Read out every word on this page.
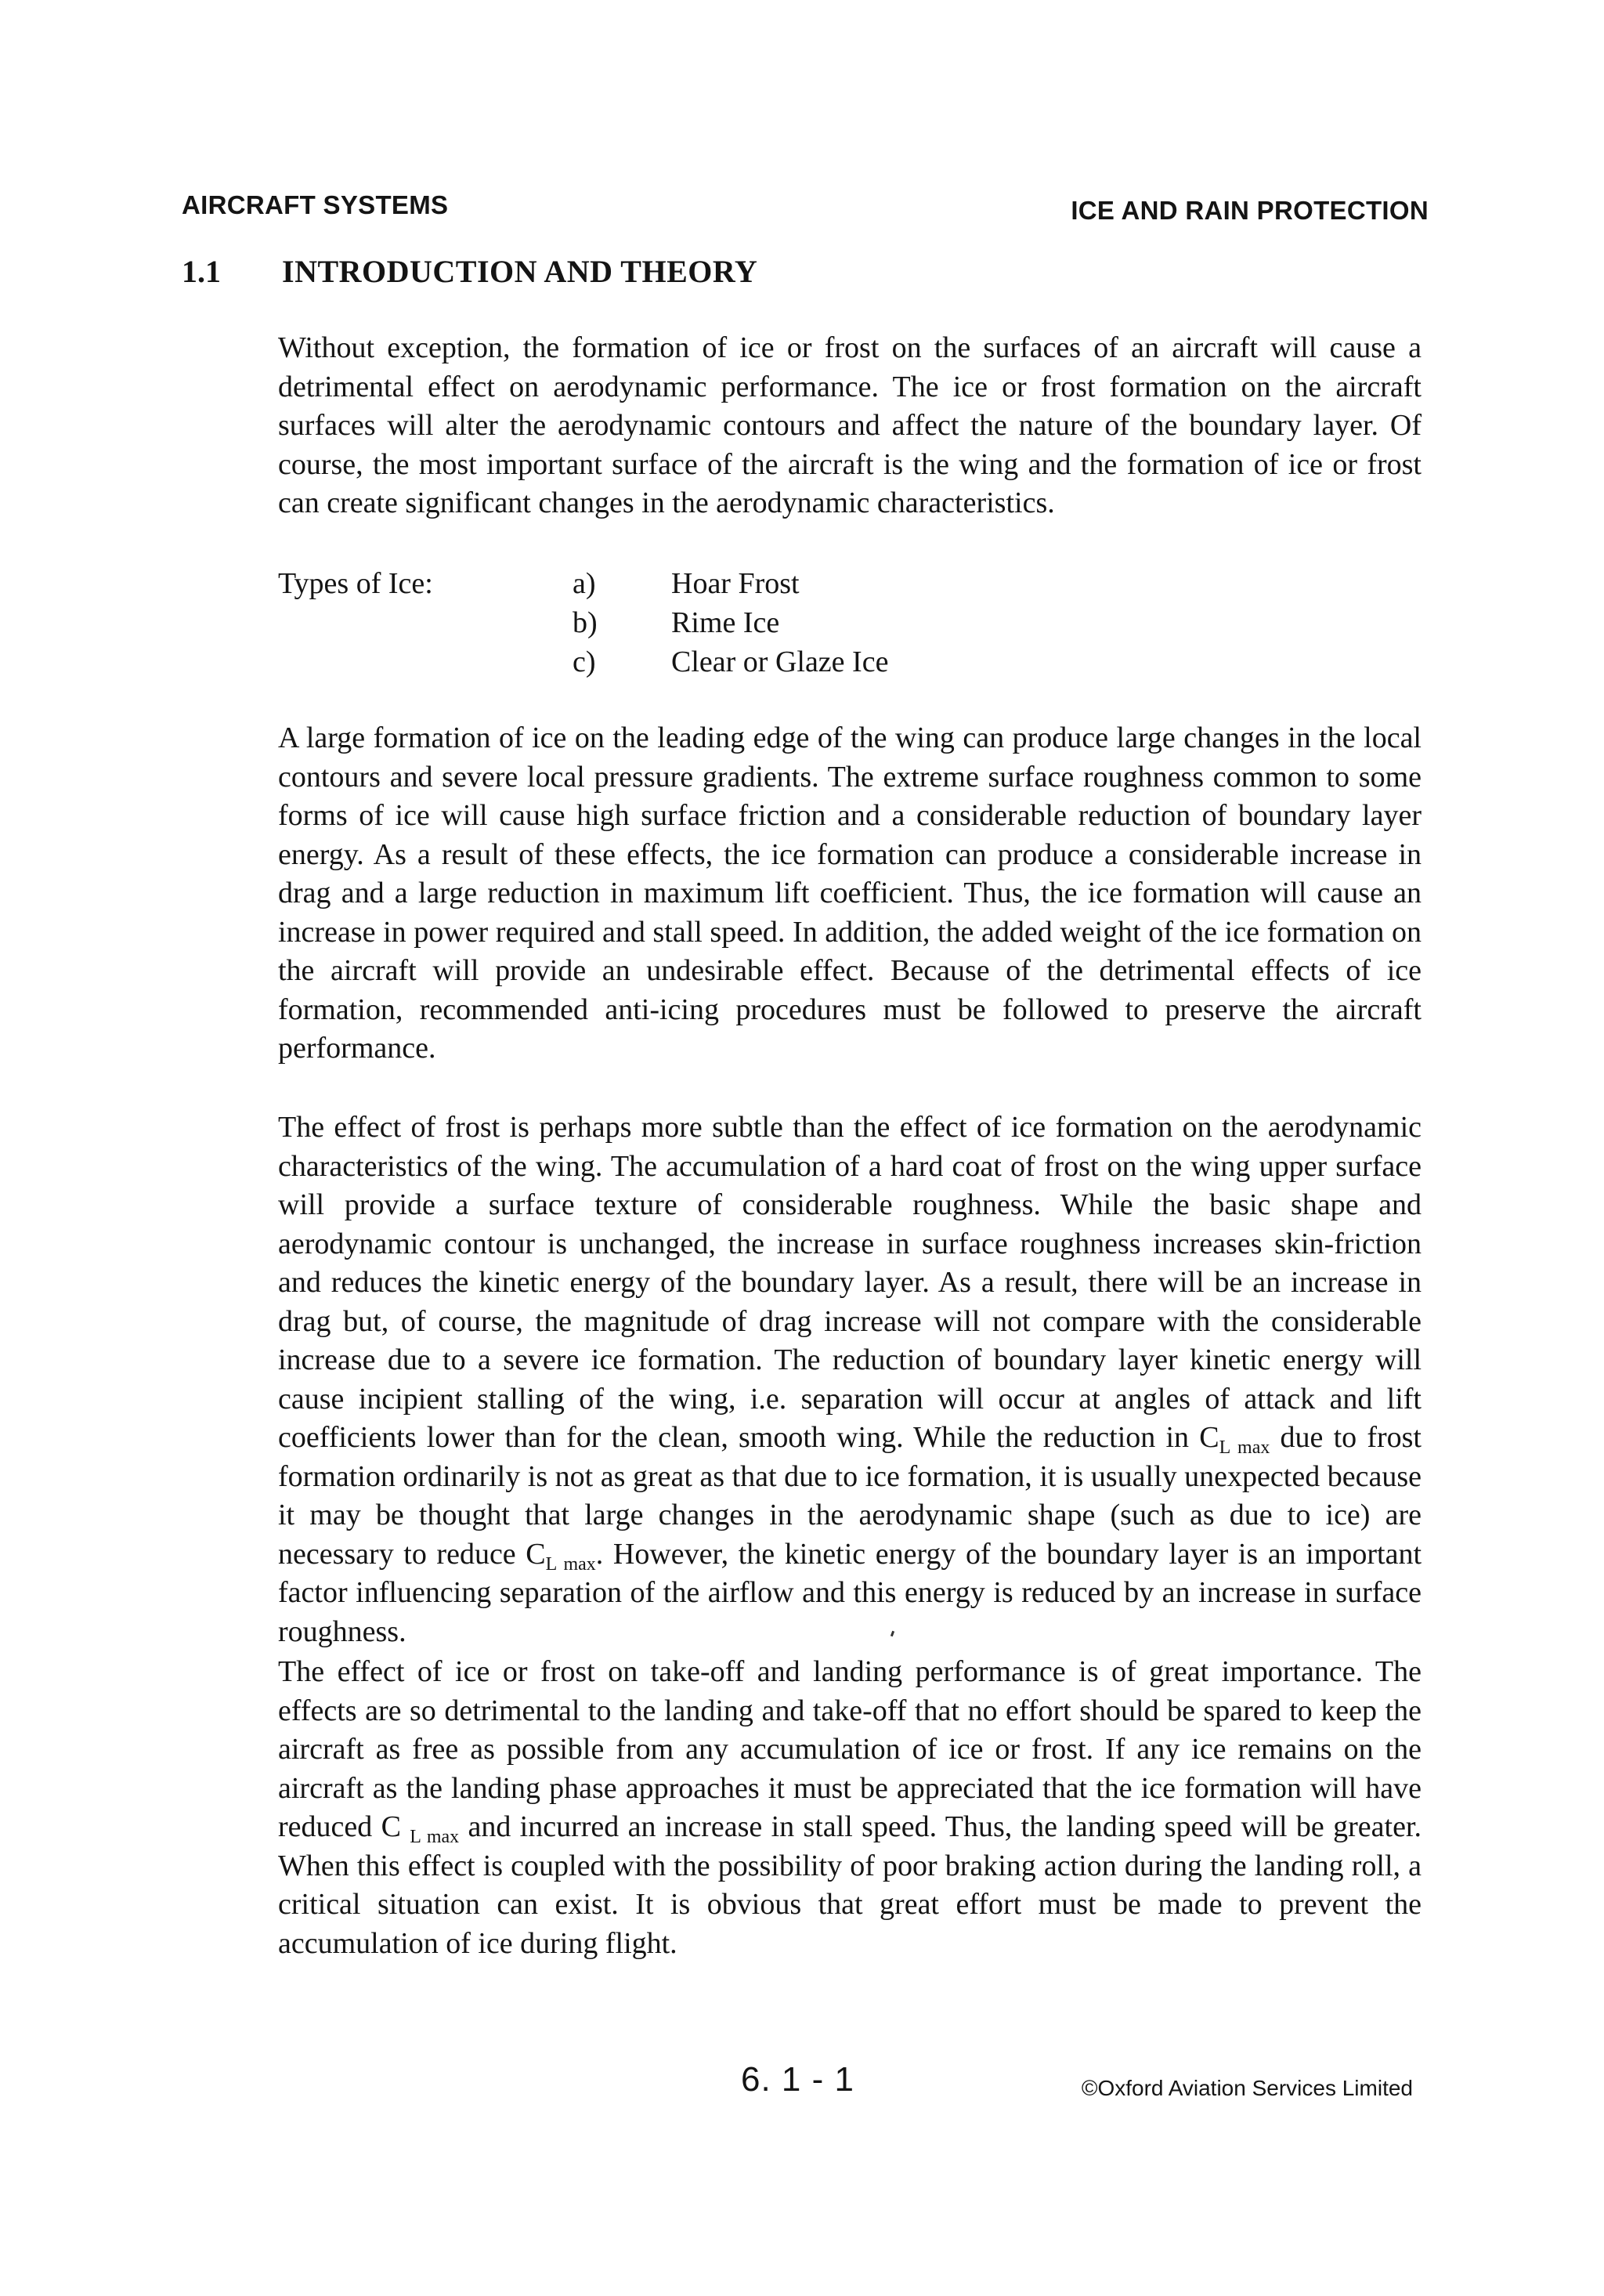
AIRCRAFT SYSTEMS	ICE AND RAIN PROTECTION
1.1 INTRODUCTION AND THEORY

Without exception, the formation of ice or frost on the surfaces of an aircraft will cause a detrimental effect on aerodynamic performance. The ice or frost formation on the aircraft surfaces will alter the aerodynamic contours and affect the nature of the boundary layer. Of course, the most important surface of the aircraft is the wing and the formation of ice or frost can create significant changes in the aerodynamic characteristics.

Types of Ice:	a)	Hoar Frost
b) Rime Ice
c)	Clear or Glaze Ice

A large formation of ice on the leading edge of the wing can produce large changes in the local contours and severe local pressure gradients. The extreme surface roughness common to some forms of ice will cause high surface friction and a considerable reduction of boundary layer energy. As a result of these effects, the ice formation can produce a considerable increase in drag and a large reduction in maximum lift coefficient. Thus, the ice formation will cause an increase in power required and stall speed. In addition, the added weight of the ice formation on the aircraft will provide an undesirable effect. Because of the detrimental effects of ice formation, recommended anti-icing procedures must be followed to preserve the aircraft performance.

The effect of frost is perhaps more subtle than the effect of ice formation on the aerodynamic characteristics of the wing. The accumulation of a hard coat of frost on the wing upper surface will provide a surface texture of considerable roughness. While the basic shape and aerodynamic contour is unchanged, the increase in surface roughness increases skin-friction and reduces the kinetic energy of the boundary layer. As a result, there will be an increase in drag but, of course, the magnitude of drag increase will not compare with the considerable increase due to a severe ice formation. The reduction of boundary layer kinetic energy will cause incipient stalling of the wing, i.e. separation will occur at angles of attack and lift coefficients lower than for the clean, smooth wing. While the reduction in $C_{L max}$ due to frost formation ordinarily is not as great as that due to ice formation, it is usually unexpected because it may be thought that large changes in the aerodynamic shape (such as due to ice) are necessary to reduce $C_{L max}$. However, the kinetic energy of the boundary layer is an important factor influencing separation of the airflow and this energy is reduced by an increase in surface roughness.

The effect of ice or frost on take-off and landing performance is of great importance. The effects are so detrimental to the landing and take-off that no effort should be spared to keep the aircraft as free as possible from any accumulation of ice or frost. If any ice remains on the aircraft as the landing phase approaches it must be appreciated that the ice formation will have reduced C $_{L max}$ and incurred an increase in stall speed. Thus, the landing speed will be greater. When this effect is coupled with the possibility of poor braking action during the landing roll, a critical situation can exist. It is obvious that great effort must be made to prevent the accumulation of ice during flight.

6. 1 - 1	©Oxford Aviation Services Limited
